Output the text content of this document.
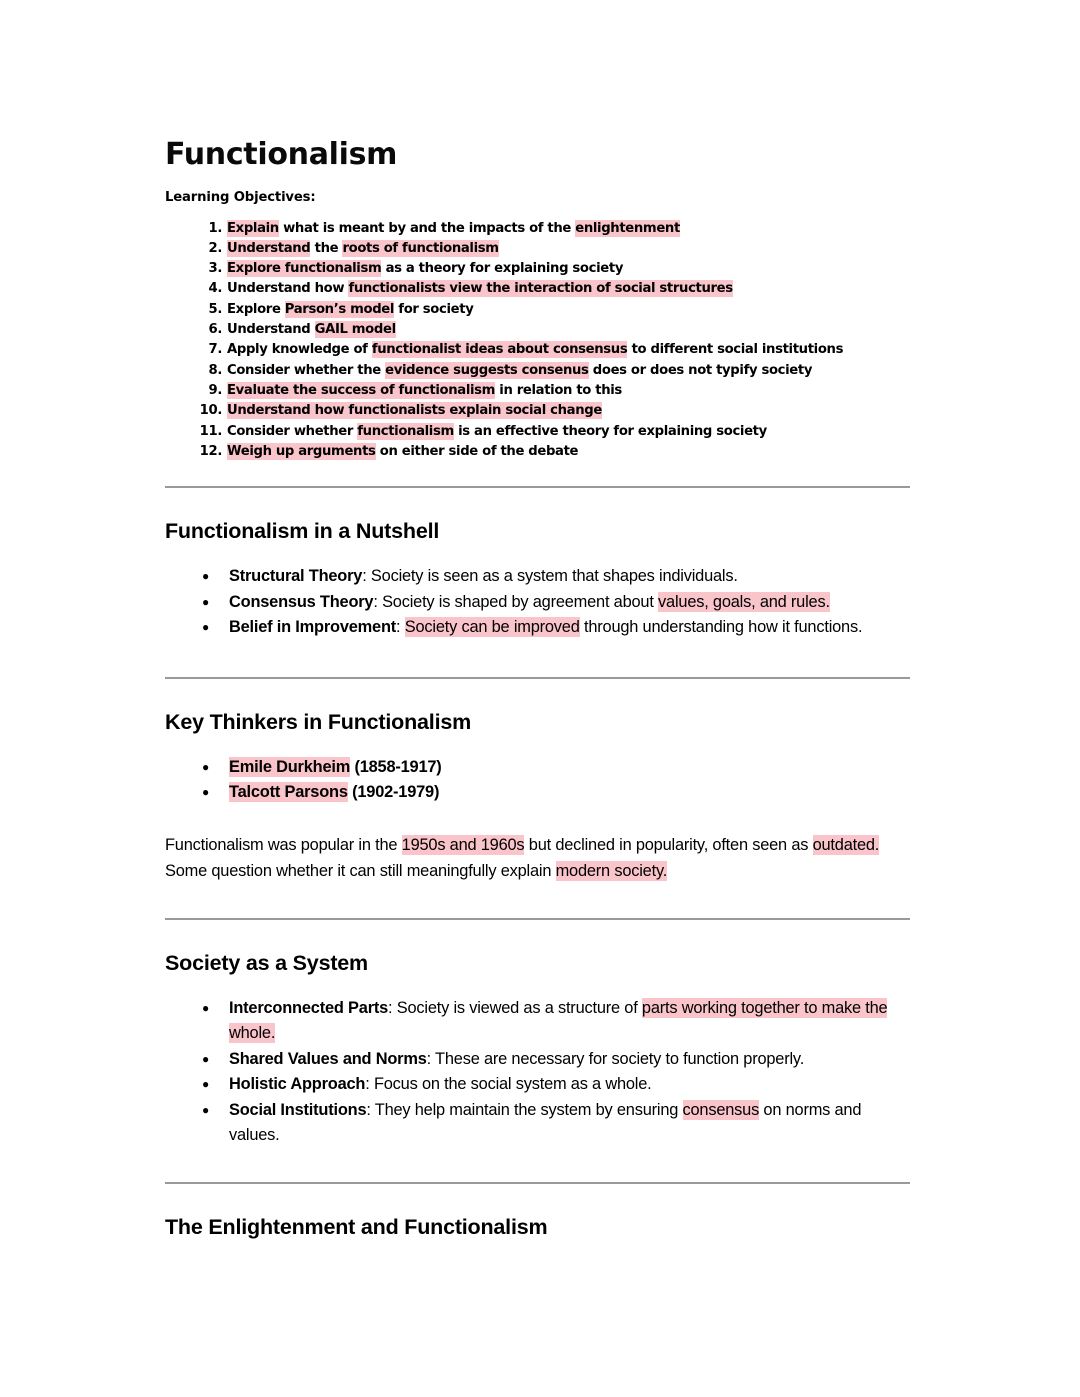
Functionalism
Learning Objectives:
Explain what is meant by and the impacts of the enlightenment
Understand the roots of functionalism
Explore functionalism as a theory for explaining society
Understand how functionalists view the interaction of social structures
Explore Parson’s model for society
Understand GAIL model
Apply knowledge of functionalist ideas about consensus to different social institutions
Consider whether the evidence suggests consenus does or does not typify society
Evaluate the success of functionalism in relation to this
Understand how functionalists explain social change
Consider whether functionalism is an effective theory for explaining society
Weigh up arguments on either side of the debate
Functionalism in a Nutshell
● Structural Theory: Society is seen as a system that shapes individuals.
● Consensus Theory: Society is shaped by agreement about values, goals, and rules.
● Belief in Improvement: Society can be improved through understanding how it functions.
Key Thinkers in Functionalism
● Emile Durkheim (1858-1917)
● Talcott Parsons (1902-1979)

Functionalism was popular in the 1950s and 1960s but declined in popularity, often seen as outdated. Some question whether it can still meaningfully explain modern society.

Society as a System
● Interconnected Parts: Society is viewed as a structure of parts working together to make the whole.
● Shared Values and Norms: These are necessary for society to function properly.
● Holistic Approach: Focus on the social system as a whole.
● Social Institutions: They help maintain the system by ensuring consensus on norms and values.
The Enlightenment and Functionalism
